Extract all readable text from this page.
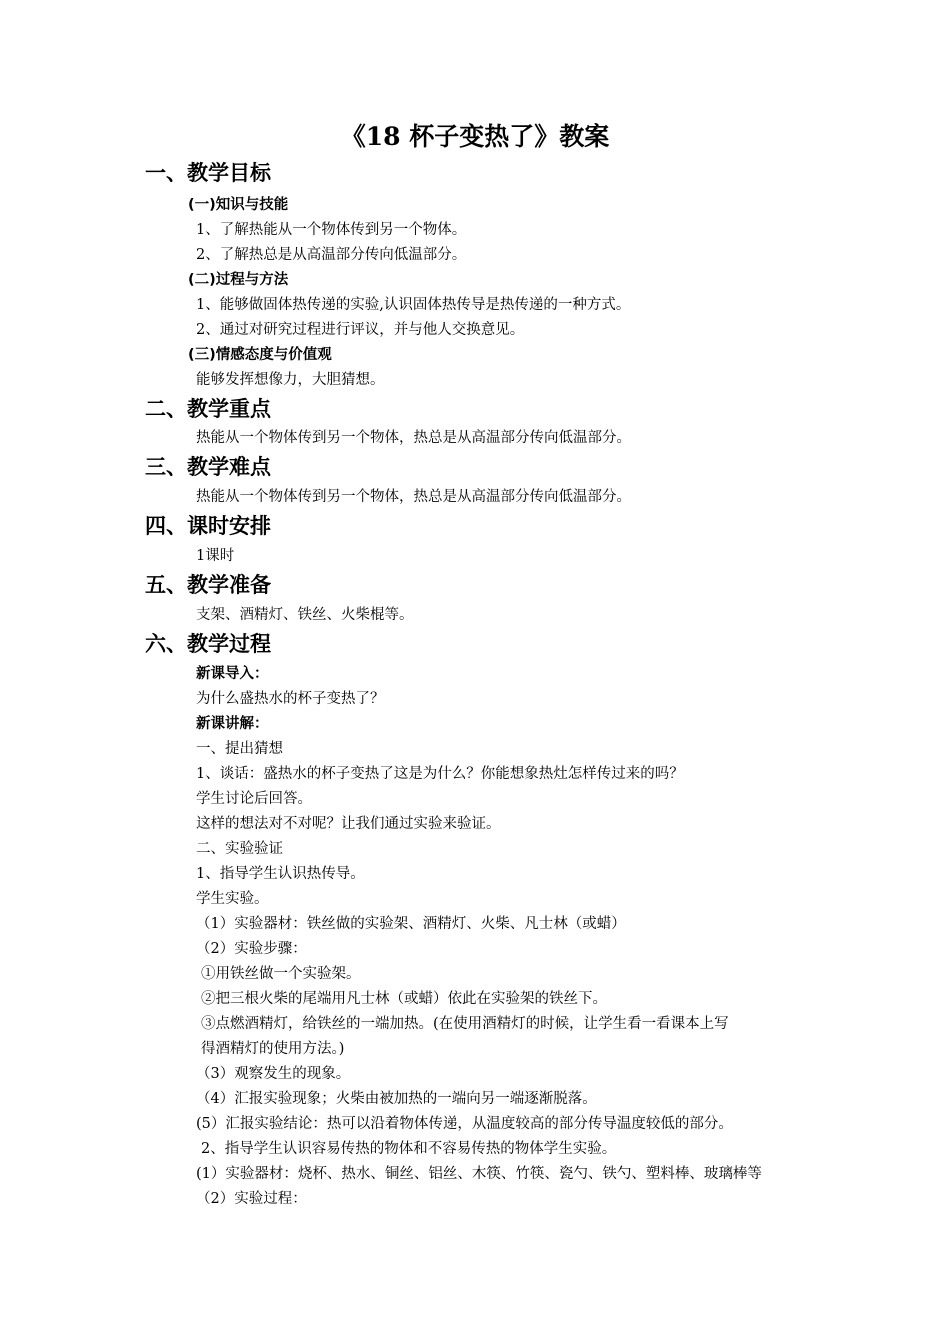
《18 杯子变热了》教案
一、教学目标
(一)知识与技能
1、了解热能从一个物体传到另一个物体。
2、了解热总是从高温部分传向低温部分。
(二)过程与方法
1、能够做固体热传递的实验,认识固体热传导是热传递的一种方式。
2、通过对研究过程进行评议，并与他人交换意见。
(三)情感态度与价值观
能够发挥想像力，大胆猜想。
二、教学重点
热能从一个物体传到另一个物体，热总是从高温部分传向低温部分。
三、教学难点
热能从一个物体传到另一个物体，热总是从高温部分传向低温部分。
四、课时安排
1课时
五、教学准备
支架、酒精灯、铁丝、火柴棍等。
六、教学过程
新课导入：
为什么盛热水的杯子变热了？
新课讲解：
一、提出猜想
1、谈话：盛热水的杯子变热了这是为什么？你能想象热灶怎样传过来的吗？
学生讨论后回答。
这样的想法对不对呢？让我们通过实验来验证。
二、实验验证
1、指导学生认识热传导。
学生实验。
（1）实验器材：铁丝做的实验架、酒精灯、火柴、凡士林（或蜡）
（2）实验步骤：
①用铁丝做一个实验架。
②把三根火柴的尾端用凡士林（或蜡）依此在实验架的铁丝下。
③点燃酒精灯，给铁丝的一端加热。(在使用酒精灯的时候，让学生看一看课本上写
得酒精灯的使用方法。)
（3）观察发生的现象。
（4）汇报实验现象；火柴由被加热的一端向另一端逐渐脱落。
(5）汇报实验结论：热可以沿着物体传递，从温度较高的部分传导温度较低的部分。
2、指导学生认识容易传热的物体和不容易传热的物体学生实验。
(1）实验器材：烧杯、热水、铜丝、铝丝、木筷、竹筷、瓷勺、铁勺、塑料棒、玻璃棒等
（2）实验过程：
